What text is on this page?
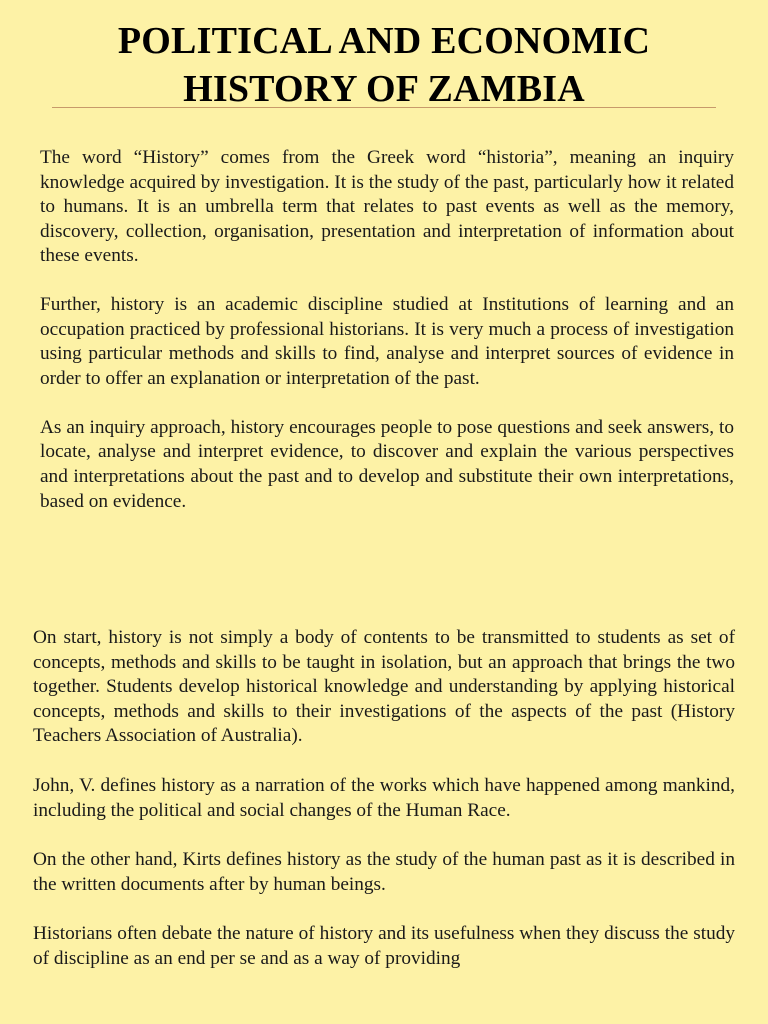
POLITICAL AND ECONOMIC
HISTORY OF ZAMBIA

The word “History” comes from the Greek word “historia”, meaning an inquiry knowledge acquired by investigation. It is the study of the past, particularly how it related to humans. It is an umbrella term that relates to past events as well as the memory, discovery, collection, organisation, presentation and interpretation of information about these events.

Further, history is an academic discipline studied at Institutions of learning and an occupation practiced by professional historians. It is very much a process of investigation using particular methods and skills to find, analyse and interpret sources of evidence in order to offer an explanation or interpretation of the past.

As an inquiry approach, history encourages people to pose questions and seek answers, to locate, analyse and interpret evidence, to discover and explain the various perspectives and interpretations about the past and to develop and substitute their own interpretations, based on evidence.

On start, history is not simply a body of contents to be transmitted to students as set of concepts, methods and skills to be taught in isolation, but an approach that brings the two together. Students develop historical knowledge and understanding by applying historical concepts, methods and skills to their investigations of the aspects of the past (History Teachers Association of Australia).

John, V. defines history as a narration of the works which have happened among mankind, including the political and social changes of the Human Race.

On the other hand, Kirts defines history as the study of the human past as it is described in the written documents after by human beings.

Historians often debate the nature of history and its usefulness when they discuss the study of discipline as an end per se and as a way of providing
